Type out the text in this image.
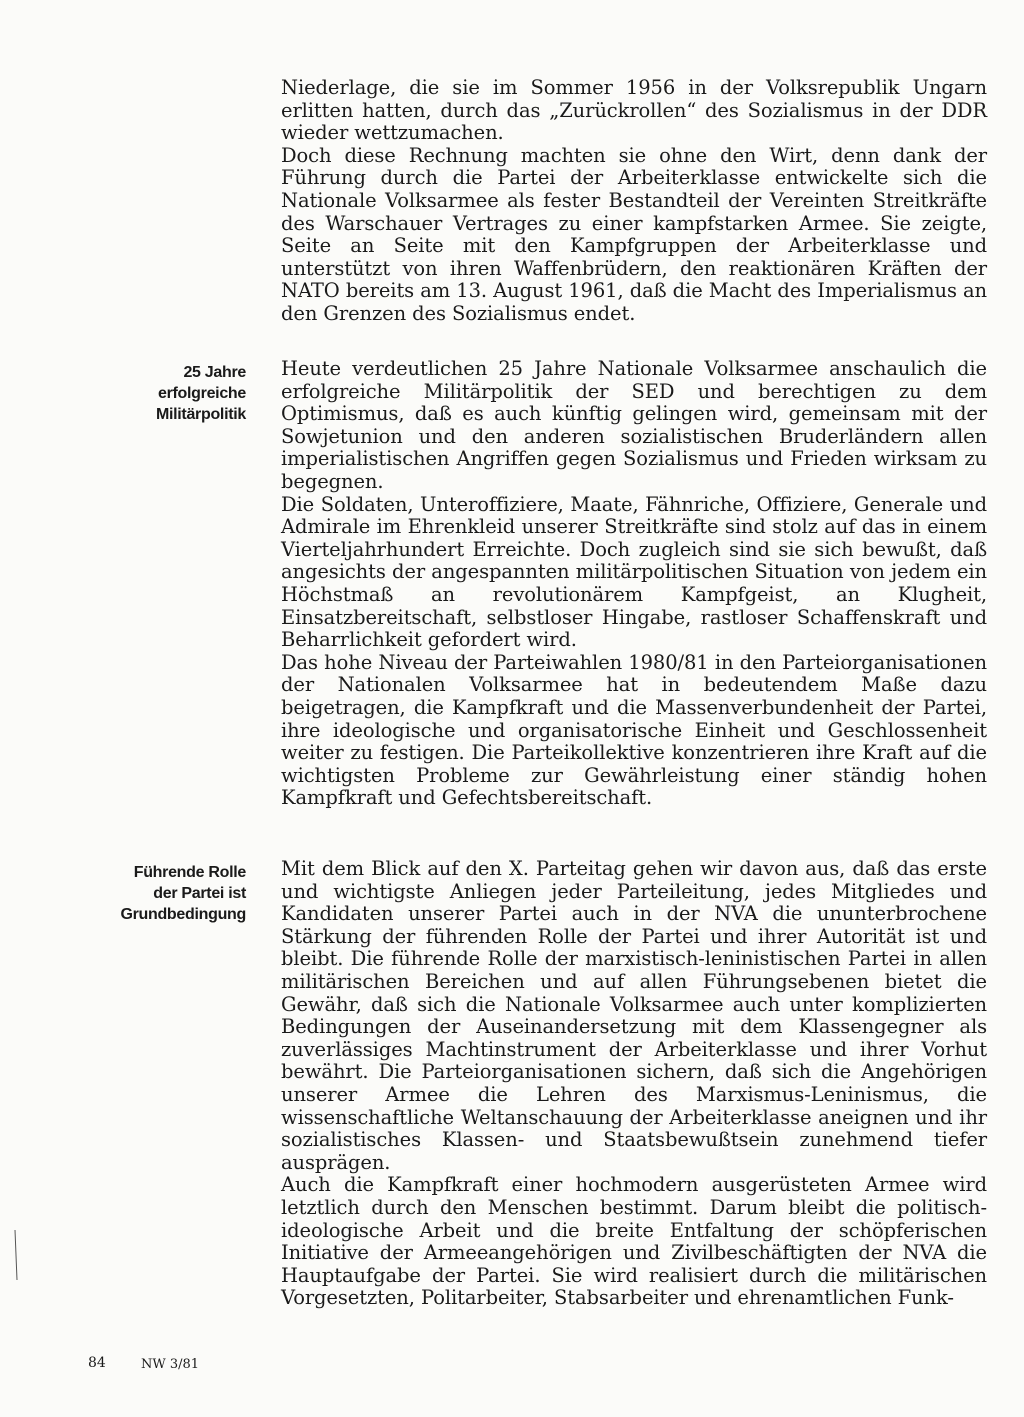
Niederlage, die sie im Sommer 1956 in der Volksrepublik Ungarn erlitten hatten, durch das „Zurückrollen“ des Sozialismus in der DDR wieder wettzumachen.

Doch diese Rechnung machten sie ohne den Wirt, denn dank der Führung durch die Partei der Arbeiterklasse entwickelte sich die Nationale Volksarmee als fester Bestandteil der Vereinten Streitkräfte des Warschauer Vertrages zu einer kampfstarken Armee. Sie zeigte, Seite an Seite mit den Kampfgruppen der Arbeiterklasse und unterstützt von ihren Waffenbrüdern, den reaktionären Kräften der NATO bereits am 13. August 1961, daß die Macht des Imperialismus an den Grenzen des Sozialismus endet.

25 Jahre
erfolgreiche
Militärpolitik

Heute verdeutlichen 25 Jahre Nationale Volksarmee anschaulich die erfolgreiche Militärpolitik der SED und berechtigen zu dem Optimismus, daß es auch künftig gelingen wird, gemeinsam mit der Sowjetunion und den anderen sozialistischen Bruderländern allen imperialistischen Angriffen gegen Sozialismus und Frieden wirksam zu begegnen.

Die Soldaten, Unteroffiziere, Maate, Fähnriche, Offiziere, Generale und Admirale im Ehrenkleid unserer Streitkräfte sind stolz auf das in einem Vierteljahrhundert Erreichte. Doch zugleich sind sie sich bewußt, daß angesichts der angespannten militärpolitischen Situation von jedem ein Höchstmaß an revolutionärem Kampfgeist, an Klugheit, Einsatzbereitschaft, selbstloser Hingabe, rastloser Schaffenskraft und Beharrlichkeit gefordert wird.

Das hohe Niveau der Parteiwahlen 1980/81 in den Parteiorganisationen der Nationalen Volksarmee hat in bedeutendem Maße dazu beigetragen, die Kampfkraft und die Massenverbundenheit der Partei, ihre ideologische und organisatorische Einheit und Geschlossenheit weiter zu festigen. Die Parteikollektive konzentrieren ihre Kraft auf die wichtigsten Probleme zur Gewährleistung einer ständig hohen Kampfkraft und Gefechtsbereitschaft.

Führende Rolle
der Partei ist
Grundbedingung

Mit dem Blick auf den X. Parteitag gehen wir davon aus, daß das erste und wichtigste Anliegen jeder Parteileitung, jedes Mitgliedes und Kandidaten unserer Partei auch in der NVA die ununterbrochene Stärkung der führenden Rolle der Partei und ihrer Autorität ist und bleibt. Die führende Rolle der marxistisch-leninistischen Partei in allen militärischen Bereichen und auf allen Führungsebenen bietet die Gewähr, daß sich die Nationale Volksarmee auch unter komplizierten Bedingungen der Auseinandersetzung mit dem Klassengegner als zuverlässiges Machtinstrument der Arbeiterklasse und ihrer Vorhut bewährt. Die Parteiorganisationen sichern, daß sich die Angehörigen unserer Armee die Lehren des Marxismus-Leninismus, die wissenschaftliche Weltanschauung der Arbeiterklasse aneignen und ihr sozialistisches Klassen- und Staatsbewußtsein zunehmend tiefer ausprägen.

Auch die Kampfkraft einer hochmodern ausgerüsteten Armee wird letztlich durch den Menschen bestimmt. Darum bleibt die politisch-ideologische Arbeit und die breite Entfaltung der schöpferischen Initiative der Armeeangehörigen und Zivilbeschäftigten der NVA die Hauptaufgabe der Partei. Sie wird realisiert durch die militärischen Vorgesetzten, Politarbeiter, Stabsarbeiter und ehrenamtlichen Funk-

84	NW 3/81
